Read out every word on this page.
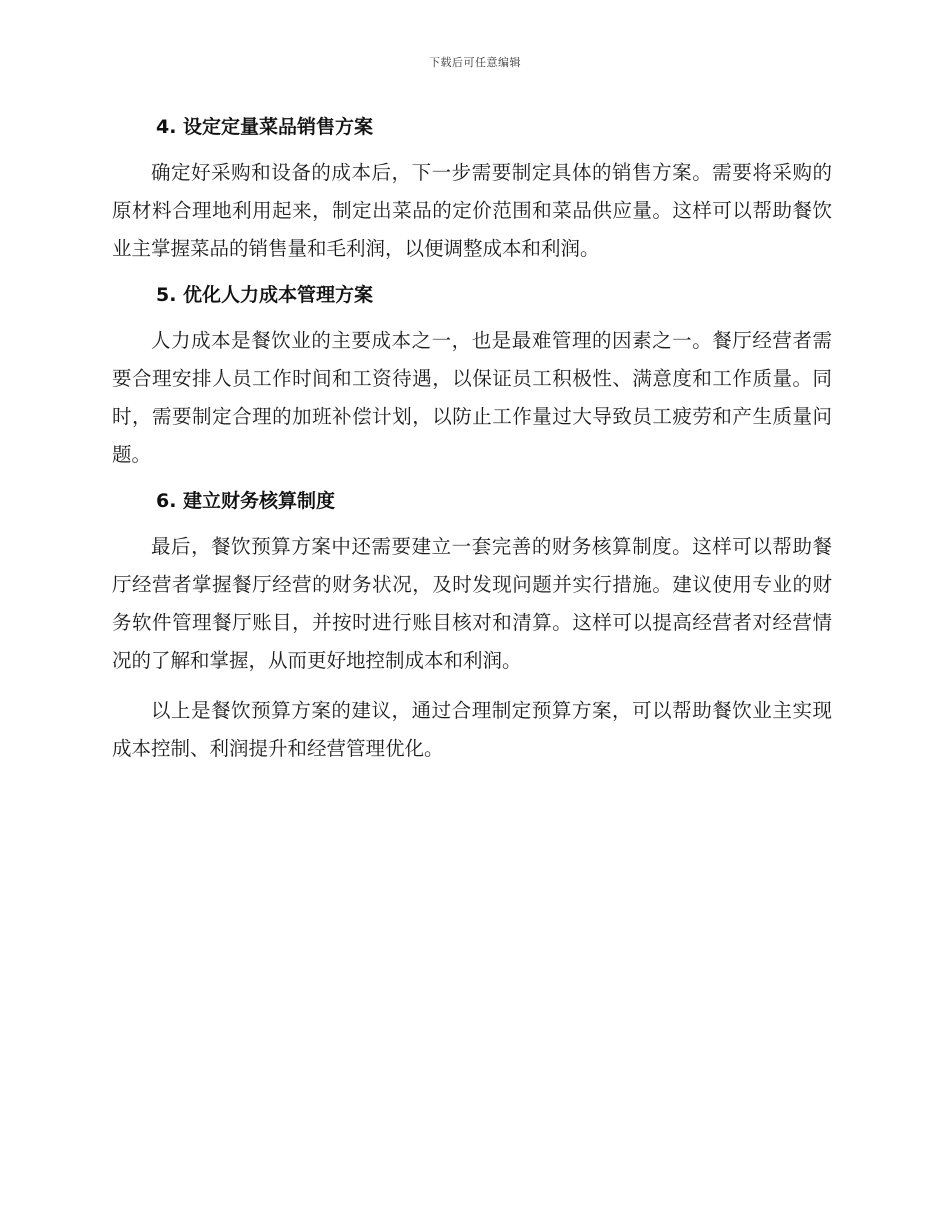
下载后可任意编辑
4. 设定定量菜品销售方案

确定好采购和设备的成本后，下一步需要制定具体的销售方案。需要将采购的原材料合理地利用起来，制定出菜品的定价范围和菜品供应量。这样可以帮助餐饮业主掌握菜品的销售量和毛利润，以便调整成本和利润。

5. 优化人力成本管理方案

人力成本是餐饮业的主要成本之一，也是最难管理的因素之一。餐厅经营者需要合理安排人员工作时间和工资待遇，以保证员工积极性、满意度和工作质量。同时，需要制定合理的加班补偿计划，以防止工作量过大导致员工疲劳和产生质量问题。

6. 建立财务核算制度

最后，餐饮预算方案中还需要建立一套完善的财务核算制度。这样可以帮助餐厅经营者掌握餐厅经营的财务状况，及时发现问题并实行措施。建议使用专业的财务软件管理餐厅账目，并按时进行账目核对和清算。这样可以提高经营者对经营情况的了解和掌握，从而更好地控制成本和利润。

以上是餐饮预算方案的建议，通过合理制定预算方案，可以帮助餐饮业主实现成本控制、利润提升和经营管理优化。
